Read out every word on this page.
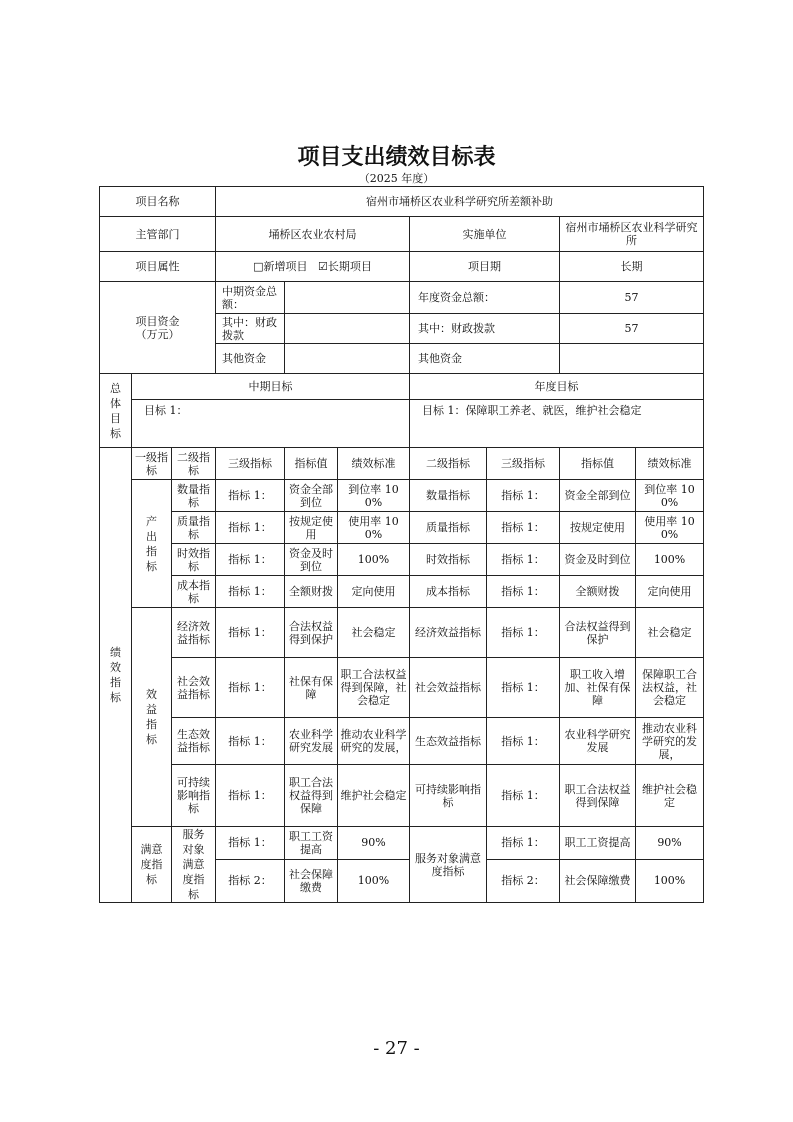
项目支出绩效目标表
（2025 年度）
项目名称			宿州市埇桥区农业科学研究所差额补助						
主管部门			埇桥区农业农村局			实施单位		宿州市埇桥区农业科学研究所	
项目属性			□新增项目 ☑长期项目			项目期		长期	
项目资金（万元）			中期资金总额：			年度资金总额：		57	
			其中：财政拨款			其中：财政拨款		57	
			其他资金			其他资金			
总体目标	中期目标					年度目标			
	目标 1：					目标 1：保障职工养老、就医，维护社会稳定			
绩效指标	一级指标	二级指标	三级指标	指标值	绩效标准	二级指标	三级指标	指标值	绩效标准
	产出指标	数量指标	指标 1：	资金全部到位	到位率 100%	数量指标	指标 1：	资金全部到位	到位率 100%
		质量指标	指标 1：	按规定使用	使用率 100%	质量指标	指标 1：	按规定使用	使用率 100%
		时效指标	指标 1：	资金及时到位	100%	时效指标	指标 1：	资金及时到位	100%
		成本指标	指标 1：	全额财拨	定向使用	成本指标	指标 1：	全额财拨	定向使用
	效益指标	经济效益指标	指标 1：	合法权益得到保护	社会稳定	经济效益指标	指标 1：	合法权益得到保护	社会稳定
		社会效益指标	指标 1：	社保有保障	职工合法权益得到保障，社会稳定	社会效益指标	指标 1：	职工收入增加、社保有保障	保障职工合法权益，社会稳定
		生态效益指标	指标 1：	农业科学研究发展	推动农业科学研究的发展，	生态效益指标	指标 1：	农业科学研究发展	推动农业科学研究的发展，
		可持续影响指标	指标 1：	职工合法权益得到保障	维护社会稳定	可持续影响指标	指标 1：	职工合法权益得到保障	维护社会稳定
	满意度指标	服务对象满意度指标	指标 1：	职工工资提高	90%	服务对象满意度指标	指标 1：	职工工资提高	90%
			指标 2：	社会保障缴费	100%		指标 2：	社会保障缴费	100%
- 27 -
